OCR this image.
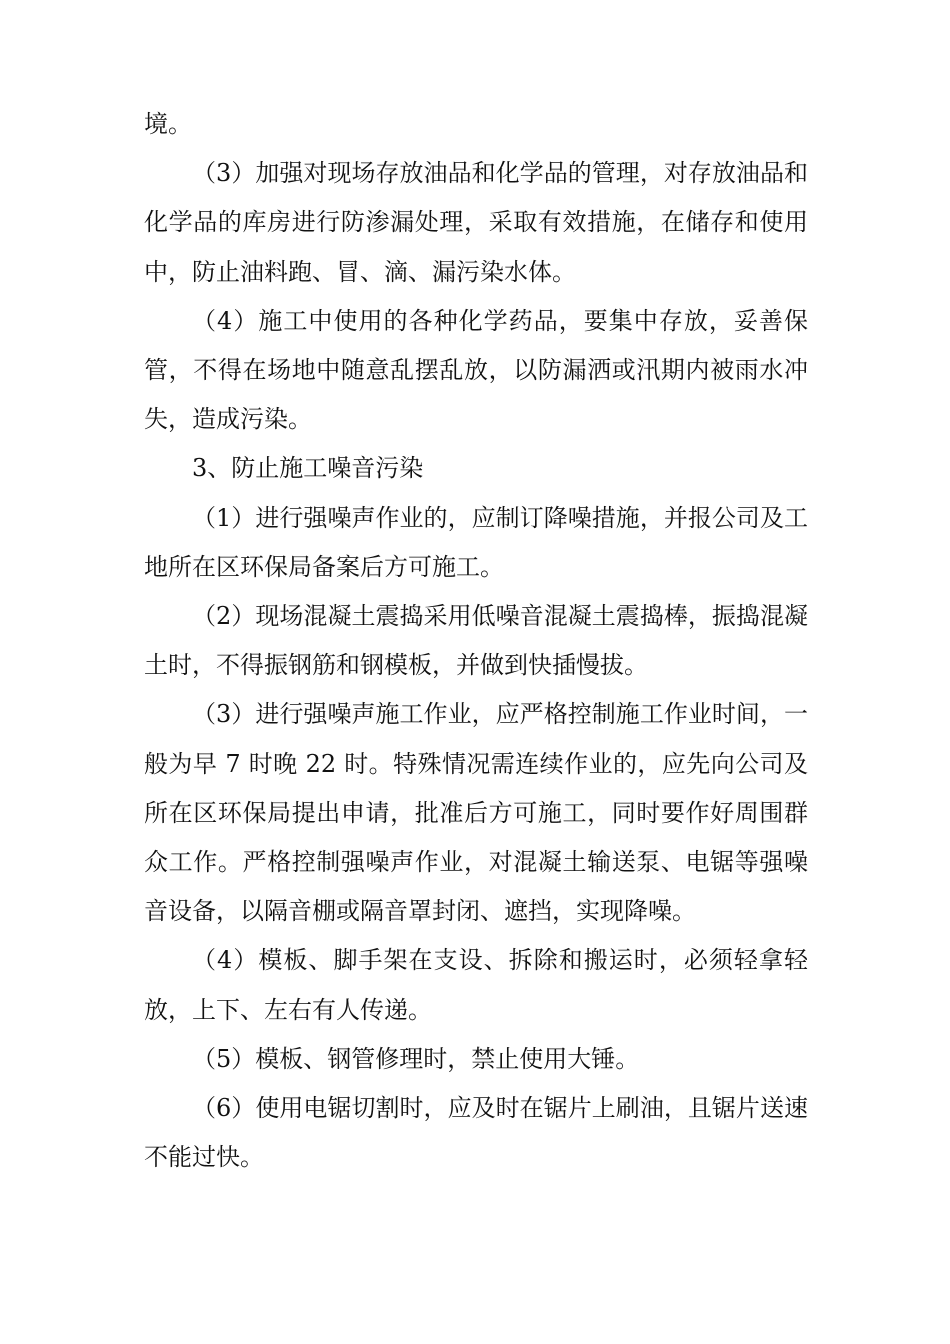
境。

（3）加强对现场存放油品和化学品的管理，对存放油品和化学品的库房进行防渗漏处理，采取有效措施，在储存和使用中，防止油料跑、冒、滴、漏污染水体。

（4）施工中使用的各种化学药品，要集中存放，妥善保管，不得在场地中随意乱摆乱放，以防漏洒或汛期内被雨水冲失，造成污染。

3、防止施工噪音污染

（1）进行强噪声作业的，应制订降噪措施，并报公司及工地所在区环保局备案后方可施工。

（2）现场混凝土震捣采用低噪音混凝土震捣棒，振捣混凝土时，不得振钢筋和钢模板，并做到快插慢拔。

（3）进行强噪声施工作业，应严格控制施工作业时间，一般为早 7 时晚 22 时。特殊情况需连续作业的，应先向公司及所在区环保局提出申请，批准后方可施工，同时要作好周围群众工作。严格控制强噪声作业，对混凝土输送泵、电锯等强噪音设备，以隔音棚或隔音罩封闭、遮挡，实现降噪。

（4）模板、脚手架在支设、拆除和搬运时，必须轻拿轻放，上下、左右有人传递。

（5）模板、钢管修理时，禁止使用大锤。

（6）使用电锯切割时，应及时在锯片上刷油，且锯片送速不能过快。
